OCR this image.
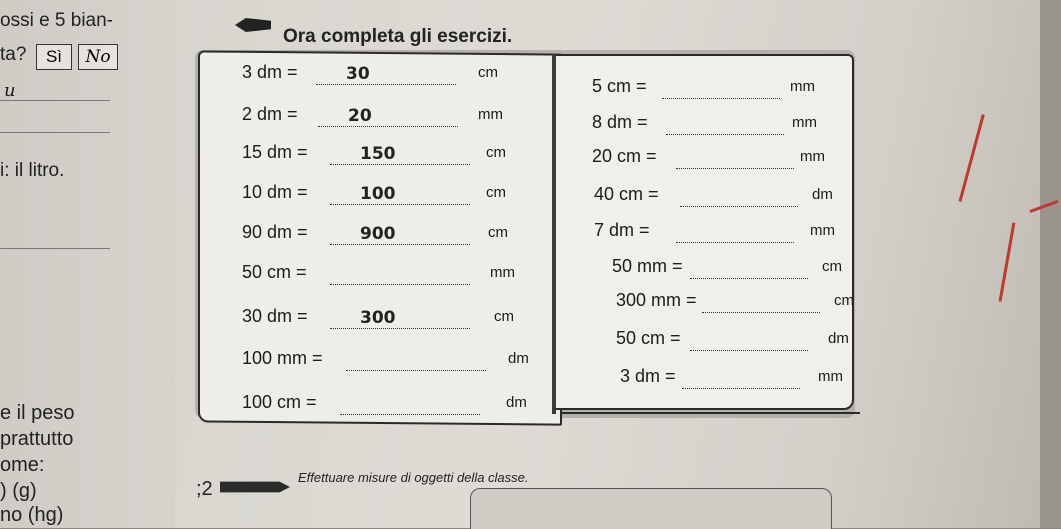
ossi e 5 bian-
ta?	Sì	No
u
i: il litro.
e il peso
prattutto
ome:
) (g)
no (hg)
Ora completa gli esercizi.
3 dm =	30	cm
2 dm =	20	mm
15 dm =	150	cm
10 dm =	100	cm
90 dm =	900	cm
50 cm =	mm
30 dm =	300	cm
100 mm =	dm
100 cm =	dm
5 cm =	mm
8 dm =	mm
20 cm =	mm
40 cm =	dm
7 dm =	mm
50 mm =	cm
300 mm =	cm
50 cm =	dm
3 dm =	mm
;2
Effettuare misure di oggetti della classe.
